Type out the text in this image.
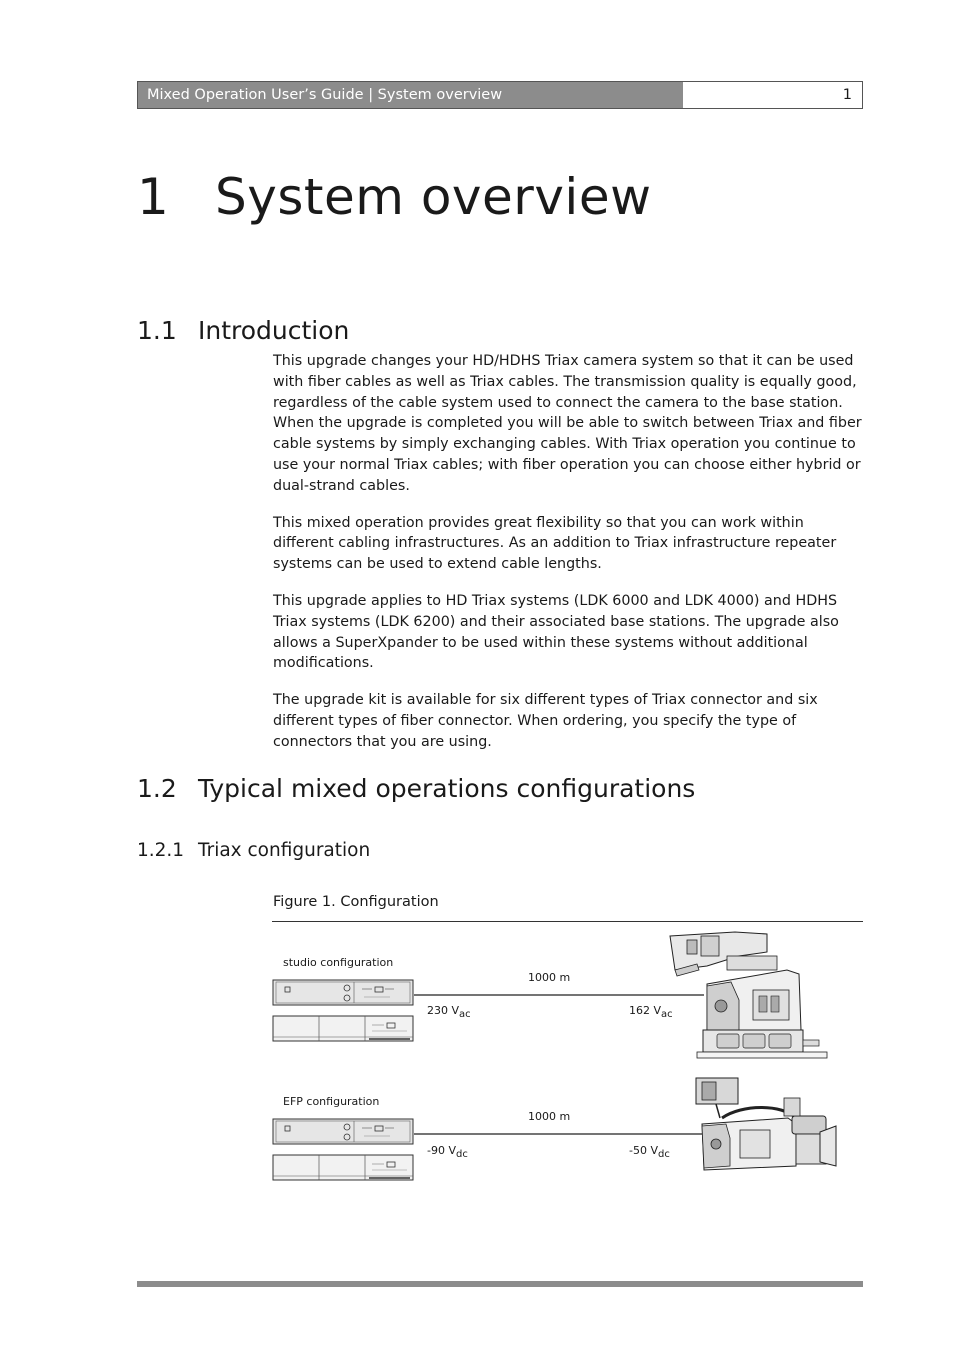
Mixed Operation User’s Guide | System overview	1
1 System overview
1.1 Introduction

This upgrade changes your HD/HDHS Triax camera system so that it can be used with fiber cables as well as Triax cables. The transmission quality is equally good, regardless of the cable system used to connect the camera to the base station. When the upgrade is completed you will be able to switch between Triax and fiber cable systems by simply exchanging cables. With Triax operation you continue to use your normal Triax cables; with fiber operation you can choose either hybrid or dual-strand cables.

This mixed operation provides great flexibility so that you can work within different cabling infrastructures. As an addition to Triax infrastructure repeater systems can be used to extend cable lengths.

This upgrade applies to HD Triax systems (LDK 6000 and LDK 4000) and HDHS Triax systems (LDK 6200) and their associated base stations. The upgrade also allows a SuperXpander to be used within these systems without additional modifications.

The upgrade kit is available for six different types of Triax connector and six different types of fiber connector. When ordering, you specify the type of connectors that you are using.

1.2 Typical mixed operations configurations
1.2.1 Triax configuration
Figure 1. Configuration
studio configuration
1000 m
230 $V_{ac}$	162 $V_{ac}$
EFP configuration
1000 m
-90 $V_{dc}$	-50 $V_{dc}$
